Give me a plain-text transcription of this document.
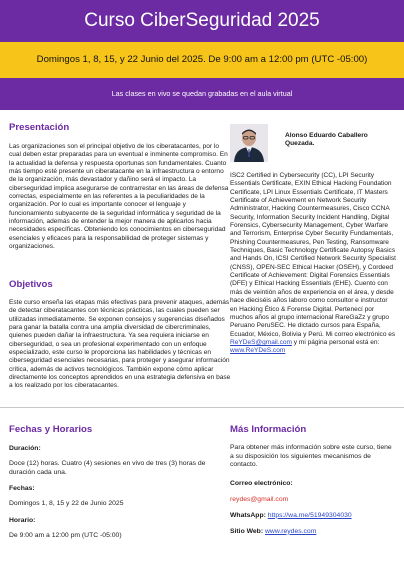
Curso CiberSeguridad 2025
Domingos 1, 8, 15, y 22 Junio del 2025. De 9:00 am a 12:00 pm (UTC -05:00)
Las clases en vivo se quedan grabadas en el aula virtual
Presentación

Las organizaciones son el principal objetivo de los ciberatacantes, por lo cual deben estar preparadas para un eventual e inminente compromiso. En la actualidad la defensa y respuesta oportunas son fundamentales. Cuanto más tiempo esté presente un ciberatacante en la infraestructura o entorno de la organización, más devastador y dañino será el impacto. La ciberseguridad implica asegurarse de contrarrestar en las áreas de defensa correctas, especialmente en las referentes a la peculiaridades de la organización. Por lo cual es importante conocer el lenguaje y funcionamiento subyacente de la seguridad informática y seguridad de la información, además de entender la mejor manera de aplicarlos hacia necesidades específicas. Obteniendo los conocimientos en ciberseguridad esenciales y eficaces para la responsabilidad de proteger sistemas y organizaciones.

Objetivos

Este curso enseña las etapas más efectivas para prevenir ataques, además de detectar ciberatacantes con técnicas prácticas, las cuales pueden ser utilizadas inmediatamente. Se exponen consejos y sugerencias diseñados para ganar la batalla contra una amplia diversidad de cibercriminales, quienes pueden dañar la infraestructura. Ya sea requiera iniciarse en ciberseguridad, o sea un profesional experimentado con un enfoque especializado, este curso le proporciona las habilidades y técnicas en ciberseguridad esenciales necesarias, para proteger y asegurar información crítica, además de activos tecnológicos. También expone cómo aplicar directamente los conceptos aprendidos en una estrategia defensiva en base a los realizado por los ciberatacantes.

Alonso Eduardo Caballero Quezada.

ISC2 Certified in Cybersecurity (CC), LPI Security Essentials Certificate, EXIN Ethical Hacking Foundation Certificate, LPI Linux Essentials Certificate, IT Masters Certificate of Achievement en Network Security Administrator, Hacking Countermeasures, Cisco CCNA Security, Information Security Incident Handling, Digital Forensics, Cybersecurity Management, Cyber Warfare and Terrorism, Enterprise Cyber Security Fundamentals, Phishing Countermeasures, Pen Testing, Ransomware Techniques, Basic Technology Certificate Autopsy Basics and Hands On, ICSI Certified Network Security Specialist (CNSS), OPEN-SEC Ethical Hacker (OSEH), y Cordeed Certificate of Achievement: Digital Forensics Essentials (DFE) y Ethical Hacking Essentials (EHE). Cuento con más de veintión años de experiencia en el área, y desde hace dieciséis años laboro como consultor e instructor en Hacking Ético & Forense Digital. Pertenecí por muchos años al grupo internacional RareGaZz y grupo Peruano PeruSEC. He dictado cursos para España, Ecuador, México, Bolivia y Perú. Mi correo electrónico es ReYDeS@gmail.com y mi página personal está en: www.ReYDeS.com

Fechas y Horarios

Duración:

Doce (12) horas. Cuatro (4) sesiones en vivo de tres (3) horas de duración cada una.

Fechas:

Domingos 1, 8, 15 y 22 de Junio 2025

Horario:

De 9:00 am a 12:00 pm (UTC -05:00)

Más Información

Para obtener más información sobre este curso, tiene a su disposición los siguientes mecanismos de contacto.

Correo electrónico:

reydes@gmail.com

WhatsApp: https://wa.me/51949304030

Sitio Web: www.reydes.com
